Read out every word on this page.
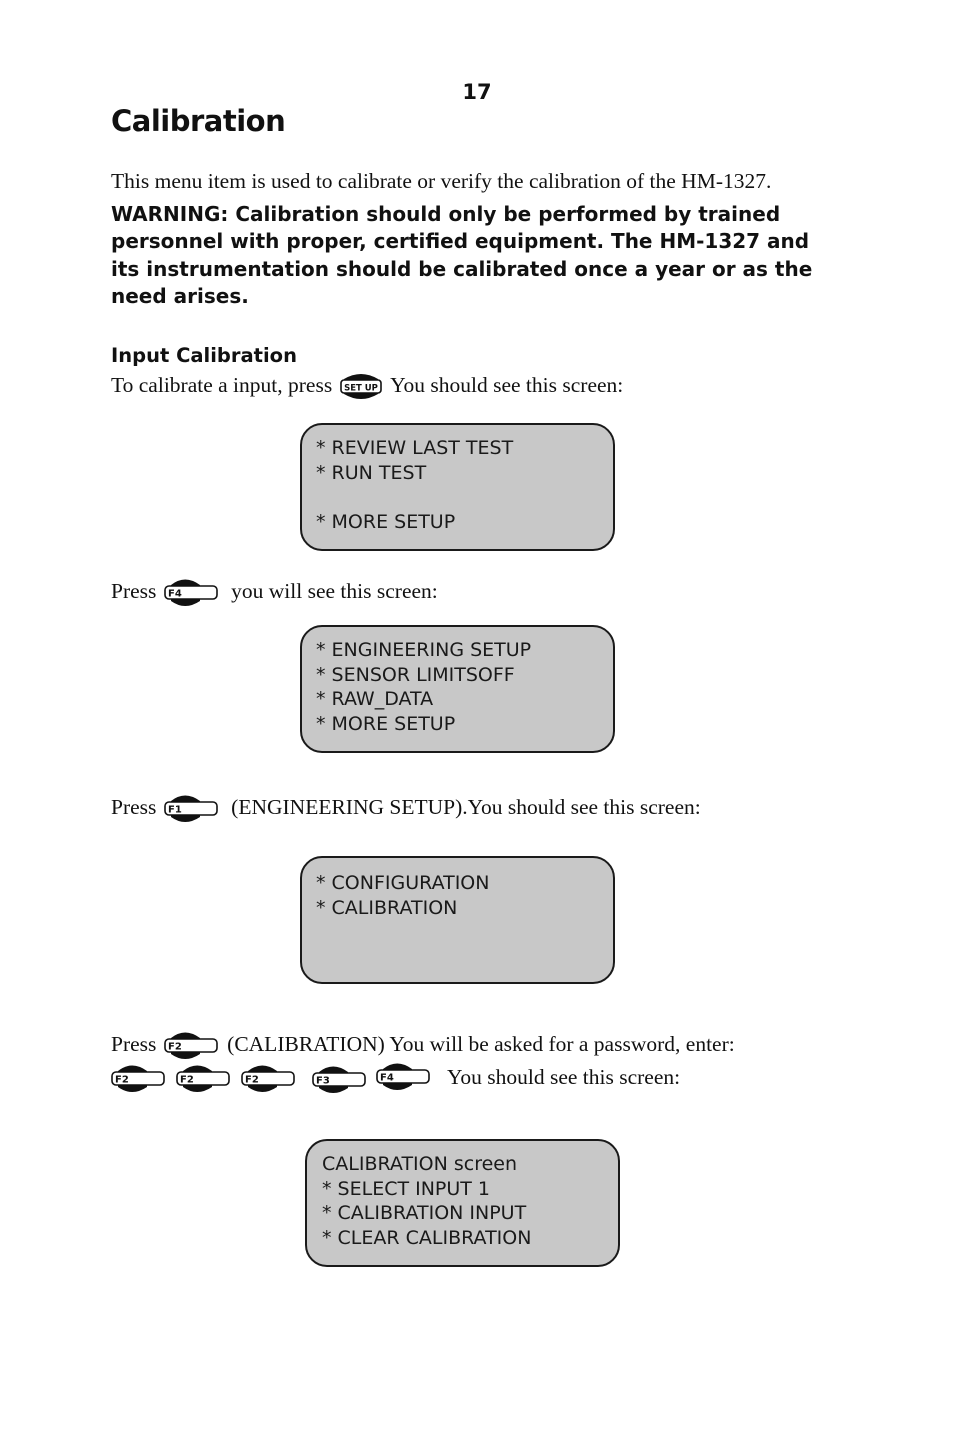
17
Calibration
This menu item is used to calibrate or verify the calibration of the HM-1327.

WARNING: Calibration should only be performed by trained
personnel with proper, certified equipment. The HM-1327 and
its instrumentation should be calibrated once a year or as the
need arises.

Input Calibration
To calibrate a input, press SET UP You should see this screen:
* REVIEW LAST TEST
* RUN TEST
* MORE SETUP
Press F4 you will see this screen:
* ENGINEERING SETUP
* SENSOR LIMITSOFF
* RAW_DATA
* MORE SETUP
Press F1 (ENGINEERING SETUP).You should see this screen:
* CONFIGURATION
* CALIBRATION
Press F2 (CALIBRATION) You will be asked for a password, enter:
F2	F2	F2	F3	F4 You should see this screen:
CALIBRATION screen
* SELECT INPUT 1
* CALIBRATION INPUT
* CLEAR CALIBRATION
